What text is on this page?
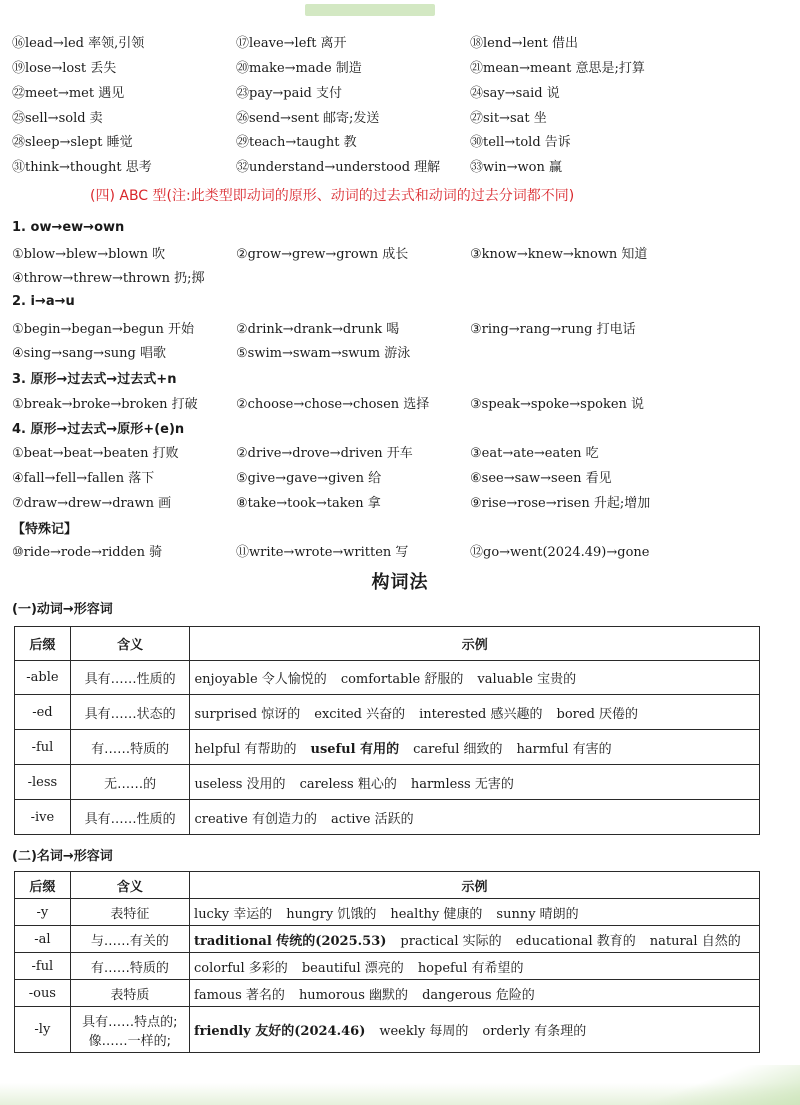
⑯lead→led 率领,引领	⑰leave→left 离开	⑱lend→lent 借出
⑲lose→lost 丢失	⑳make→made 制造	㉑mean→meant 意思是;打算
㉒meet→met 遇见	㉓pay→paid 支付	㉔say→said 说
㉕sell→sold 卖	㉖send→sent 邮寄;发送	㉗sit→sat 坐
㉘sleep→slept 睡觉	㉙teach→taught 教	㉚tell→told 告诉
㉛think→thought 思考	㉜understand→understood 理解 ㉝win→won 赢
(四) ABC 型(注:此类型即动词的原形、动词的过去式和动词的过去分词都不同)
1. ow→ew→own
2. i→a→u
3. 原形→过去式→过去式+n
4. 原形→过去式→原形+(e)n
【特殊记】
①blow→blew→blown 吹	②grow→grew→grown 成长	③know→knew→known 知道
④throw→threw→thrown 扔;掷
①begin→began→begun 开始	②drink→drank→drunk 喝	③ring→rang→rung 打电话
④sing→sang→sung 唱歌	⑤swim→swam→swum 游泳
①break→broke→broken 打破	②choose→chose→chosen 选择	③speak→spoke→spoken 说
①beat→beat→beaten 打败	②drive→drove→driven 开车	③eat→ate→eaten 吃
④fall→fell→fallen 落下	⑤give→gave→given 给	⑥see→saw→seen 看见
⑦draw→drew→drawn 画	⑧take→took→taken 拿	⑨rise→rose→risen 升起;增加
⑩ride→rode→ridden 骑	⑪write→wrote→written 写	⑫go→went(2024.49)→gone
构词法
(一)动词→形容词
后缀	含义	示例
-able	具有……性质的	enjoyable 令人愉悦的 comfortable 舒服的 valuable 宝贵的
-ed	具有……状态的	surprised 惊讶的 excited 兴奋的 interested 感兴趣的 bored 厌倦的
-ful	有……特质的	helpful 有帮助的 useful 有用的 careful 细致的 harmful 有害的
-less	无……的	useless 没用的 careless 粗心的 harmless 无害的
-ive	具有……性质的	creative 有创造力的 active 活跃的
(二)名词→形容词
后缀	含义	示例
-y	表特征	lucky 幸运的 hungry 饥饿的 healthy 健康的 sunny 晴朗的
-al	与……有关的	traditional 传统的(2025.53) practical 实际的 educational 教育的 natural 自然的
-ful	有……特质的	colorful 多彩的 beautiful 漂亮的 hopeful 有希望的
-ous	表特质	famous 著名的 humorous 幽默的 dangerous 危险的
-ly	具有……特点的;像……一样的;	friendly 友好的(2024.46) weekly 每周的 orderly 有条理的
